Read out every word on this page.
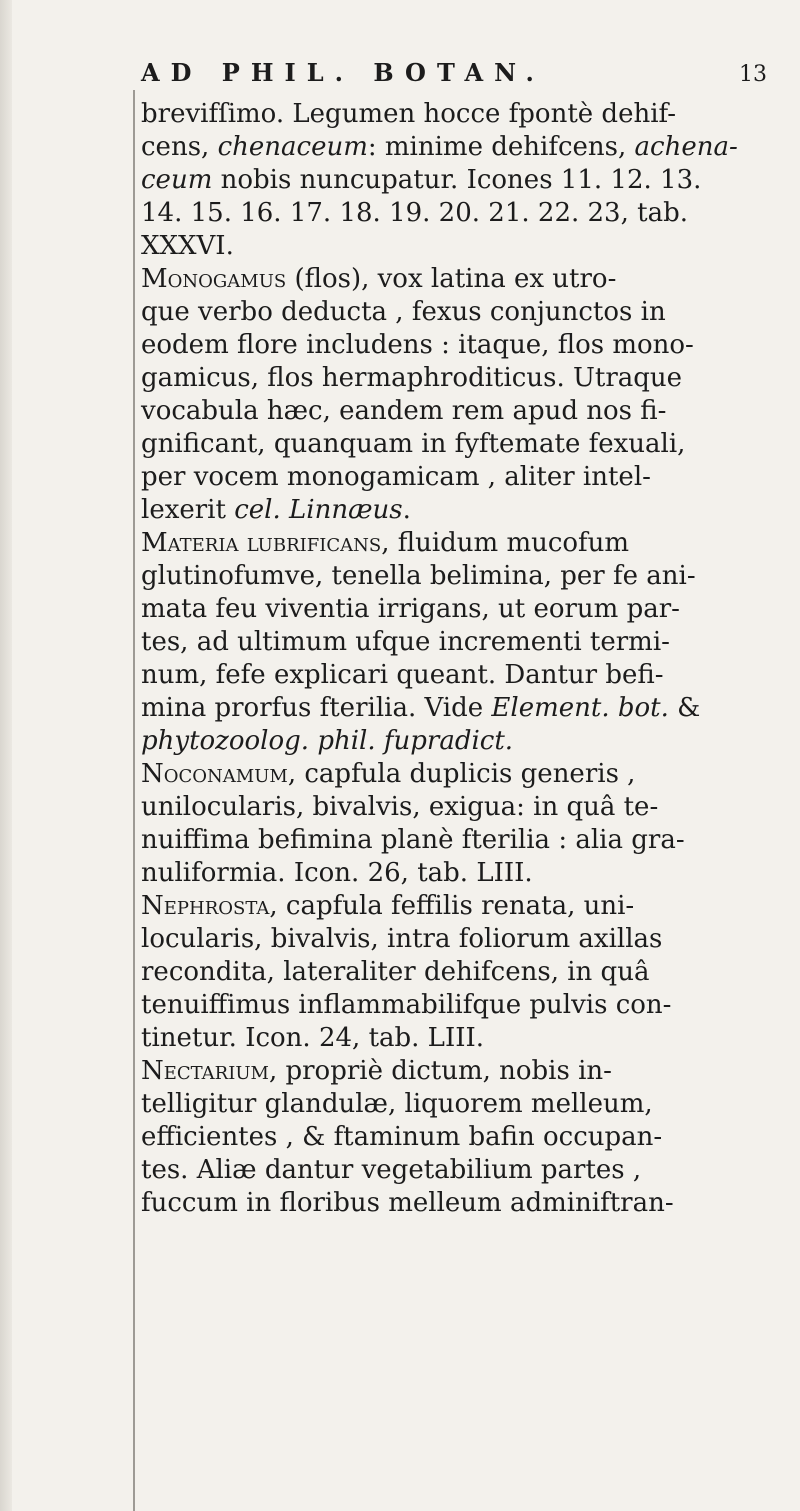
AD PHIL. BOTAN.	13
brevifſimo. Legumen hocce fpontè dehif-
cens, chenaceum: minime dehifcens, achena-
ceum nobis nuncupatur. Icones 11. 12. 13.
14. 15. 16. 17. 18. 19. 20. 21. 22. 23, tab.
XXXVI.
Monogamus (flos), vox latina ex utro-
que verbo deducta , fexus conjunctos in
eodem flore includens : itaque, flos mono-
gamicus, flos hermaphroditicus. Utraque
vocabula hæc, eandem rem apud nos fi-
gnificant, quanquam in fyftemate fexuali,
per vocem monogamicam , aliter intel-
lexerit cel. Linnæus.
Materia lubrificans, fluidum mucofum
glutinofumve, tenella belimina, per fe ani-
mata feu viventia irrigans, ut eorum par-
tes, ad ultimum ufque incrementi termi-
num, fefe explicari queant. Dantur befi-
mina prorfus fterilia. Vide Element. bot. &
phytozoolog. phil. fupradict.
Noconamum, capfula duplicis generis ,
unilocularis, bivalvis, exigua: in quâ te-
nuiffima befimina planè fterilia : alia gra-
nuliformia. Icon. 26, tab. LIII.
Nephrosta, capfula feffilis renata, uni-
locularis, bivalvis, intra foliorum axillas
recondita, lateraliter dehifcens, in quâ
tenuiffimus inflammabilifque pulvis con-
tinetur. Icon. 24, tab. LIII.
Nectarium, propriè dictum, nobis in-
telligitur glandulæ, liquorem melleum,
efficientes , & ftaminum bafin occupan-
tes. Aliæ dantur vegetabilium partes ,
fuccum in floribus melleum adminiftran-
